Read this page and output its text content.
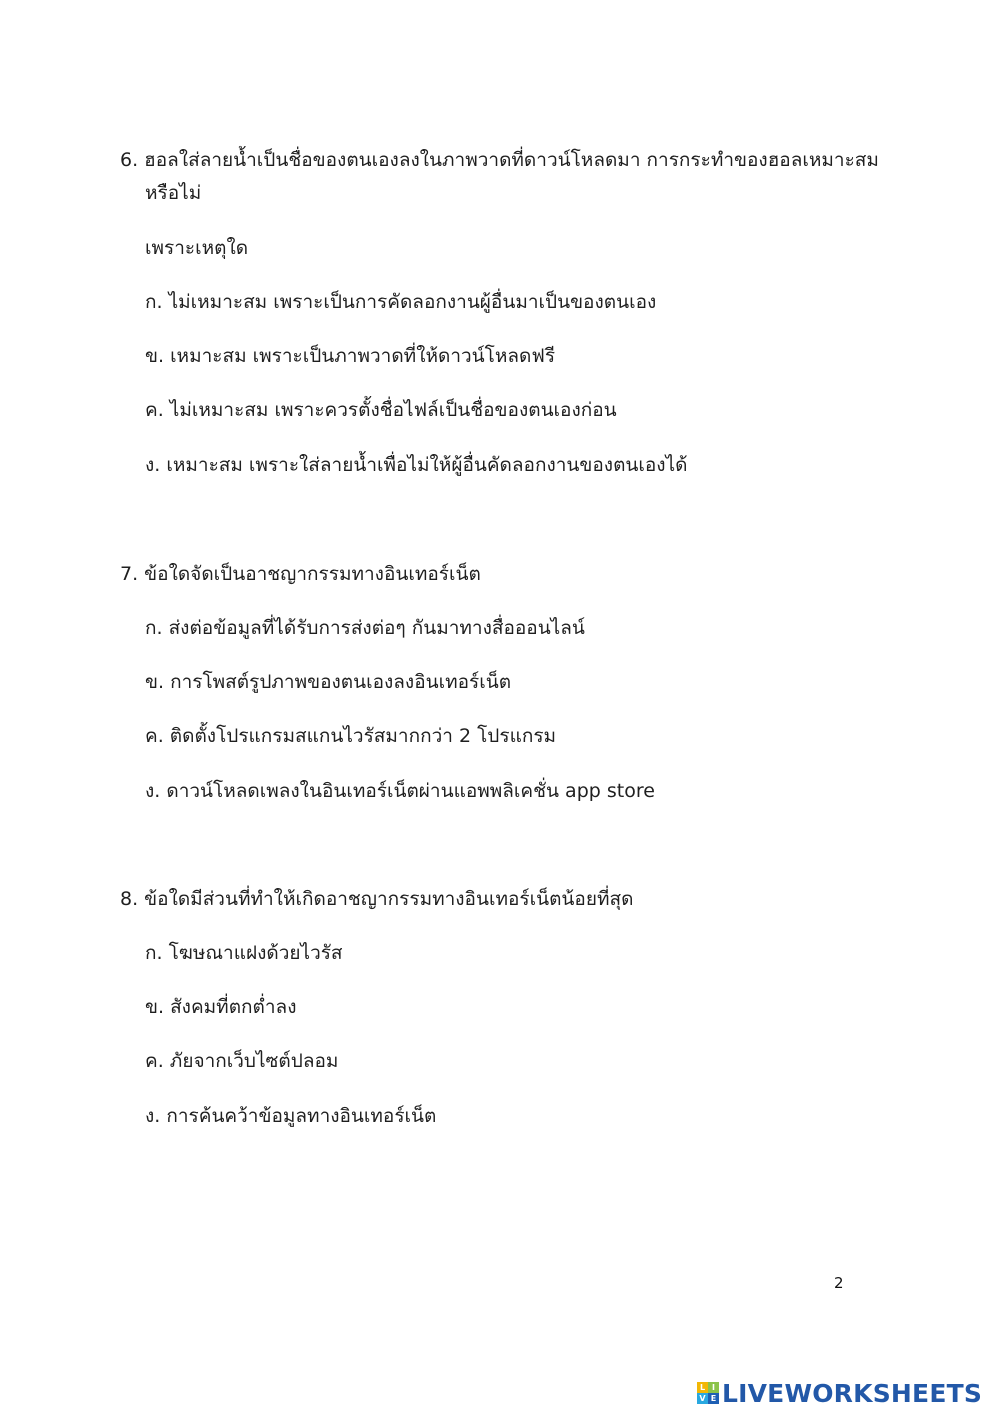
6. ฮอลใส่ลายน้ำเป็นชื่อของตนเองลงในภาพวาดที่ดาวน์โหลดมา การกระทำของฮอลเหมาะสม
หรือไม่
เพราะเหตุใด
ก. ไม่เหมาะสม เพราะเป็นการคัดลอกงานผู้อื่นมาเป็นของตนเอง
ข. เหมาะสม เพราะเป็นภาพวาดที่ให้ดาวน์โหลดฟรี
ค. ไม่เหมาะสม เพราะควรตั้งชื่อไฟล์เป็นชื่อของตนเองก่อน
ง. เหมาะสม เพราะใส่ลายน้ำเพื่อไม่ให้ผู้อื่นคัดลอกงานของตนเองได้
7. ข้อใดจัดเป็นอาชญากรรมทางอินเทอร์เน็ต
ก. ส่งต่อข้อมูลที่ได้รับการส่งต่อๆ กันมาทางสื่อออนไลน์
ข. การโพสต์รูปภาพของตนเองลงอินเทอร์เน็ต
ค. ติดตั้งโปรแกรมสแกนไวรัสมากกว่า 2 โปรแกรม
ง. ดาวน์โหลดเพลงในอินเทอร์เน็ตผ่านแอพพลิเคชั่น app store
8. ข้อใดมีส่วนที่ทำให้เกิดอาชญากรรมทางอินเทอร์เน็ตน้อยที่สุด
ก. โฆษณาแฝงด้วยไวรัส
ข. สังคมที่ตกต่ำลง
ค. ภัยจากเว็บไซต์ปลอม
ง. การค้นคว้าข้อมูลทางอินเทอร์เน็ต
2
L I
V E LIVEWORKSHEETS
